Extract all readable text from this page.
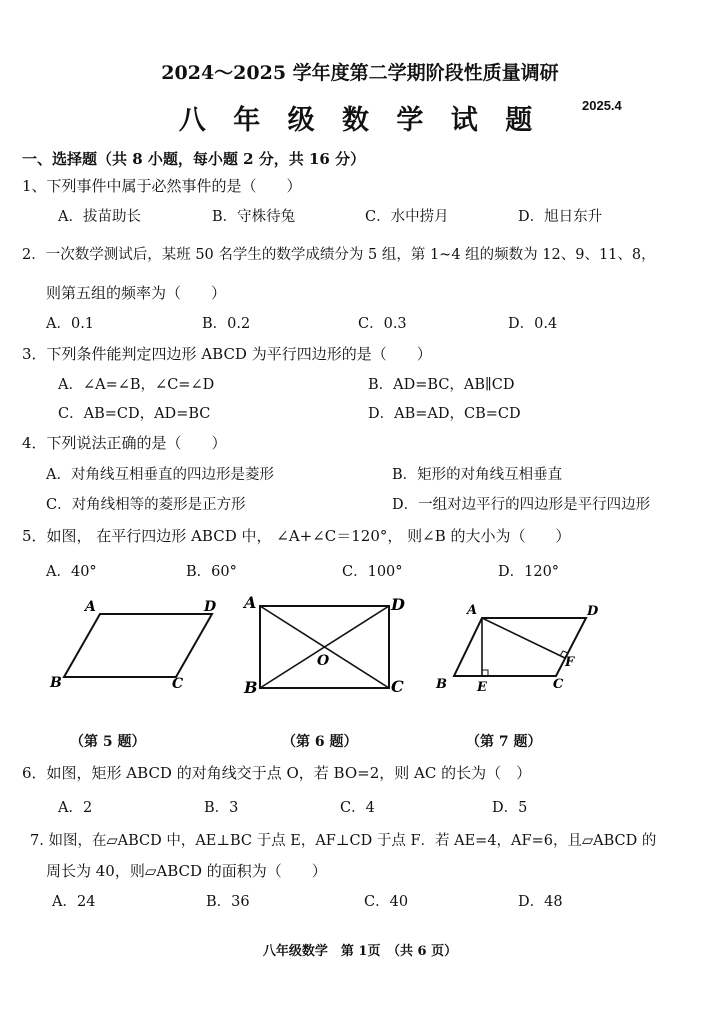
2024～2025 学年度第二学期阶段性质量调研
八 年 级 数 学 试 题	2025.4
一、选择题（共 8 小题，每小题 2 分，共 16 分）
1、下列事件中属于必然事件的是（　　）
A．拔苗助长	B．守株待兔	C．水中捞月	D．旭日东升
2．一次数学测试后，某班 50 名学生的数学成绩分为 5 组，第 1~4 组的频数为 12、9、11、8，
则第五组的频率为（　　）
A．0.1	B．0.2	C．0.3	D．0.4
3．下列条件能判定四边形 ABCD 为平行四边形的是（　　）
A．∠A=∠B，∠C=∠D	B．AD=BC，AB∥CD
C．AB=CD，AD=BC	D．AB=AD，CB=CD
4．下列说法正确的是（　　）
A．对角线互相垂直的四边形是菱形	B．矩形的对角线互相垂直
C．对角线相等的菱形是正方形	D．一组对边平行的四边形是平行四边形
5．如图， 在平行四边形 ABCD 中， ∠A+∠C＝120°， 则∠B 的大小为（　　）
A．40°	B．60°	C．100°	D．120°
A	D
B	C
A	D
B	C
O
A	D
B E	C
F
（第 5 题）	（第 6 题）	（第 7 题）
6．如图，矩形 ABCD 的对角线交于点 O，若 BO=2，则 AC 的长为（　）
A．2	B．3	C．4	D．5
7. 如图，在▱ABCD 中，AE⊥BC 于点 E，AF⊥CD 于点 F．若 AE=4，AF=6，且▱ABCD 的
周长为 40，则▱ABCD 的面积为（　　）
A．24	B．36	C．40	D．48
八年级数学　第 1页　（共 6 页）
